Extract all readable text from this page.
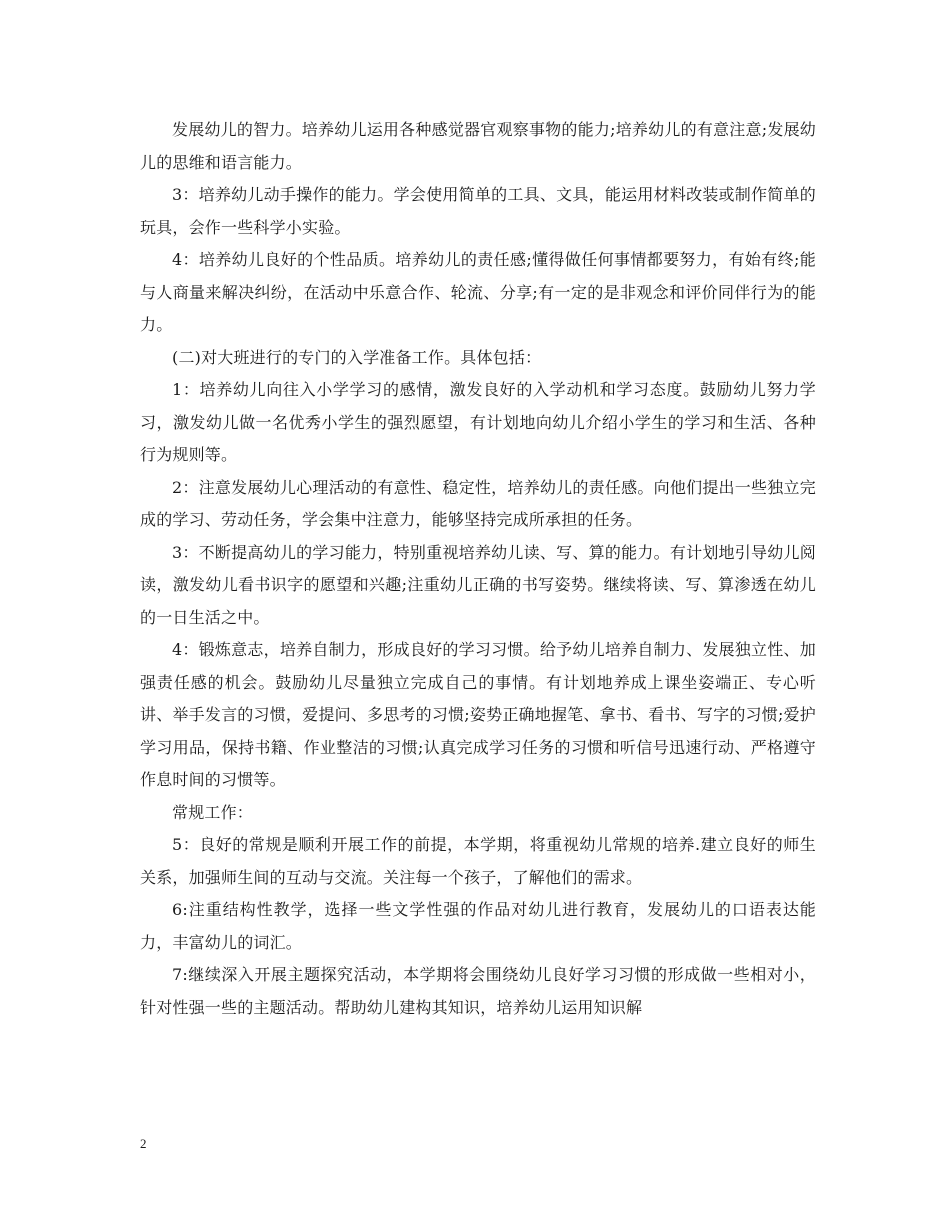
发展幼儿的智力。培养幼儿运用各种感觉器官观察事物的能力;培养幼儿的有意注意;发展幼儿的思维和语言能力。

3：培养幼儿动手操作的能力。学会使用简单的工具、文具，能运用材料改装或制作简单的玩具，会作一些科学小实验。

4：培养幼儿良好的个性品质。培养幼儿的责任感;懂得做任何事情都要努力，有始有终;能与人商量来解决纠纷，在活动中乐意合作、轮流、分享;有一定的是非观念和评价同伴行为的能力。

(二)对大班进行的专门的入学准备工作。具体包括：

1：培养幼儿向往入小学学习的感情，激发良好的入学动机和学习态度。鼓励幼儿努力学习，激发幼儿做一名优秀小学生的强烈愿望，有计划地向幼儿介绍小学生的学习和生活、各种行为规则等。

2：注意发展幼儿心理活动的有意性、稳定性，培养幼儿的责任感。向他们提出一些独立完成的学习、劳动任务，学会集中注意力，能够坚持完成所承担的任务。

3：不断提高幼儿的学习能力，特别重视培养幼儿读、写、算的能力。有计划地引导幼儿阅读，激发幼儿看书识字的愿望和兴趣;注重幼儿正确的书写姿势。继续将读、写、算渗透在幼儿的一日生活之中。

4：锻炼意志，培养自制力，形成良好的学习习惯。给予幼儿培养自制力、发展独立性、加强责任感的机会。鼓励幼儿尽量独立完成自己的事情。有计划地养成上课坐姿端正、专心听讲、举手发言的习惯，爱提问、多思考的习惯;姿势正确地握笔、拿书、看书、写字的习惯;爱护学习用品，保持书籍、作业整洁的习惯;认真完成学习任务的习惯和听信号迅速行动、严格遵守作息时间的习惯等。

常规工作：

5：良好的常规是顺利开展工作的前提，本学期，将重视幼儿常规的培养.建立良好的师生关系，加强师生间的互动与交流。关注每一个孩子，了解他们的需求。

6:注重结构性教学，选择一些文学性强的作品对幼儿进行教育，发展幼儿的口语表达能力，丰富幼儿的词汇。

7:继续深入开展主题探究活动，本学期将会围绕幼儿良好学习习惯的形成做一些相对小，针对性强一些的主题活动。帮助幼儿建构其知识，培养幼儿运用知识解

2
